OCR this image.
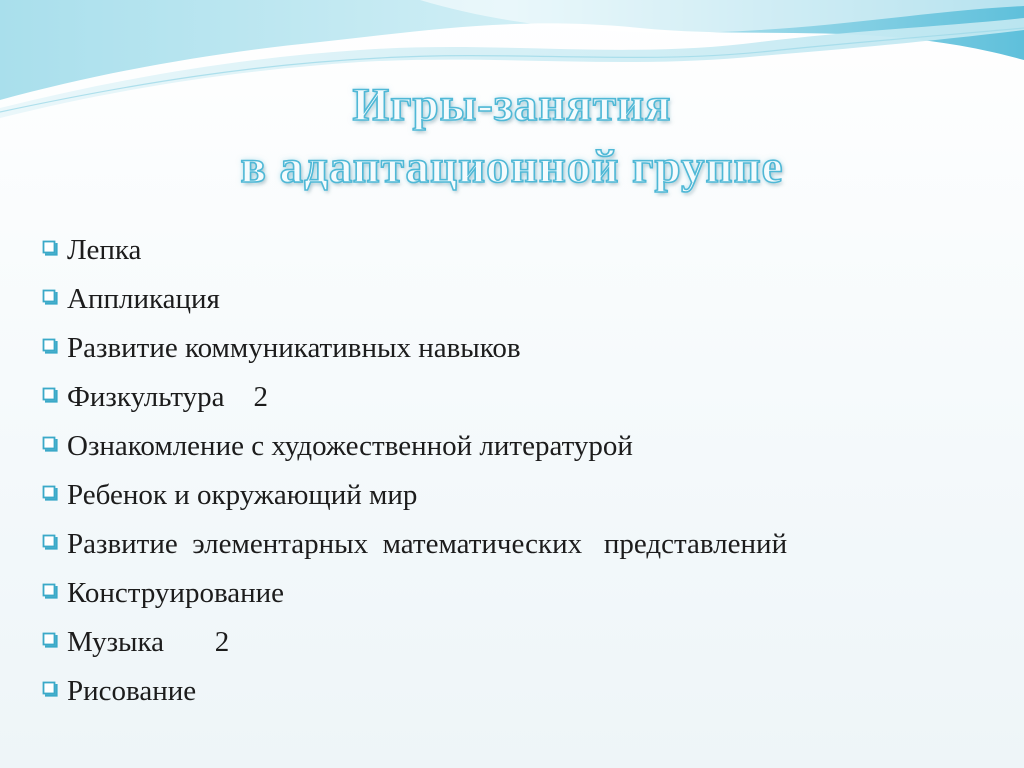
Игры-занятия
в адаптационной группе
Лепка
Аппликация
Развитие коммуникативных навыков
Физкультура    2
Ознакомление с художественной литературой
Ребенок и окружающий мир
Развитие  элементарных  математических   представлений
Конструирование
Музыка       2
Рисование
